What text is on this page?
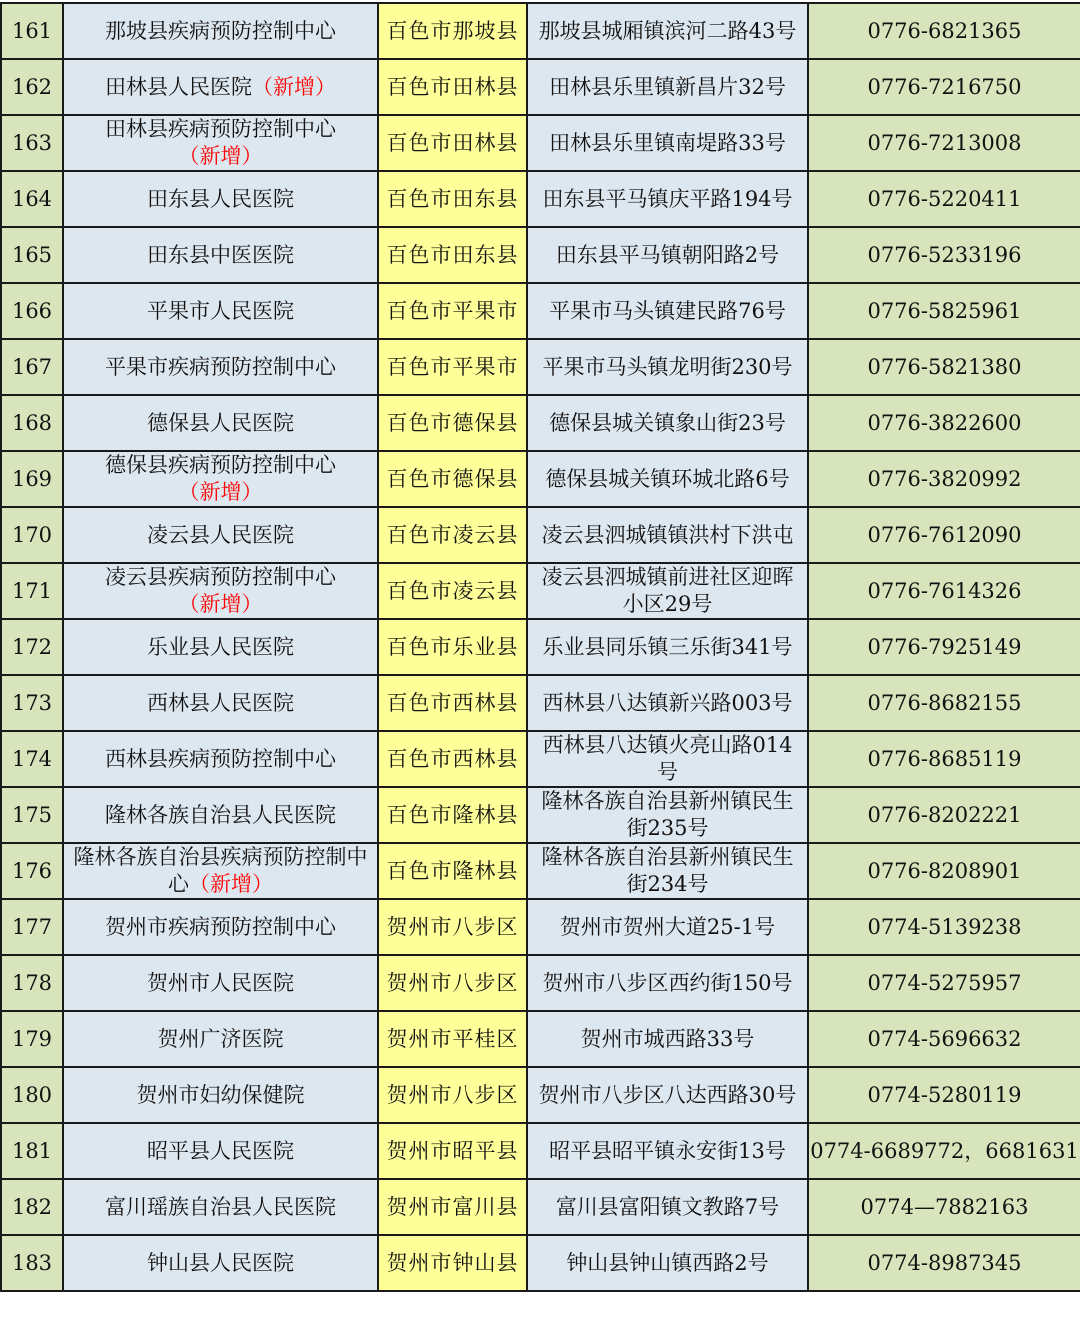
161	那坡县疾病预防控制中心	百色市那坡县	那坡县城厢镇滨河二路43号	0776-6821365
162	田林县人民医院（新增）	百色市田林县	田林县乐里镇新昌片32号	0776-7216750
163	田林县疾病预防控制中心（新增）	百色市田林县	田林县乐里镇南堤路33号	0776-7213008
164	田东县人民医院	百色市田东县	田东县平马镇庆平路194号	0776-5220411
165	田东县中医医院	百色市田东县	田东县平马镇朝阳路2号	0776-5233196
166	平果市人民医院	百色市平果市	平果市马头镇建民路76号	0776-5825961
167	平果市疾病预防控制中心	百色市平果市	平果市马头镇龙明街230号	0776-5821380
168	德保县人民医院	百色市德保县	德保县城关镇象山街23号	0776-3822600
169	德保县疾病预防控制中心（新增）	百色市德保县	德保县城关镇环城北路6号	0776-3820992
170	凌云县人民医院	百色市凌云县	凌云县泗城镇镇洪村下洪屯	0776-7612090
171	凌云县疾病预防控制中心（新增）	百色市凌云县	凌云县泗城镇前进社区迎晖小区29号	0776-7614326
172	乐业县人民医院	百色市乐业县	乐业县同乐镇三乐街341号	0776-7925149
173	西林县人民医院	百色市西林县	西林县八达镇新兴路003号	0776-8682155
174	西林县疾病预防控制中心	百色市西林县	西林县八达镇火亮山路014号	0776-8685119
175	隆林各族自治县人民医院	百色市隆林县	隆林各族自治县新州镇民生街235号	0776-8202221
176	隆林各族自治县疾病预防控制中心（新增）	百色市隆林县	隆林各族自治县新州镇民生街234号	0776-8208901
177	贺州市疾病预防控制中心	贺州市八步区	贺州市贺州大道25-1号	0774-5139238
178	贺州市人民医院	贺州市八步区	贺州市八步区西约街150号	0774-5275957
179	贺州广济医院	贺州市平桂区	贺州市城西路33号	0774-5696632
180	贺州市妇幼保健院	贺州市八步区	贺州市八步区八达西路30号	0774-5280119
181	昭平县人民医院	贺州市昭平县	昭平县昭平镇永安街13号	0774-6689772，6681631
182	富川瑶族自治县人民医院	贺州市富川县	富川县富阳镇文教路7号	0774—7882163
183	钟山县人民医院	贺州市钟山县	钟山县钟山镇西路2号	0774-8987345
